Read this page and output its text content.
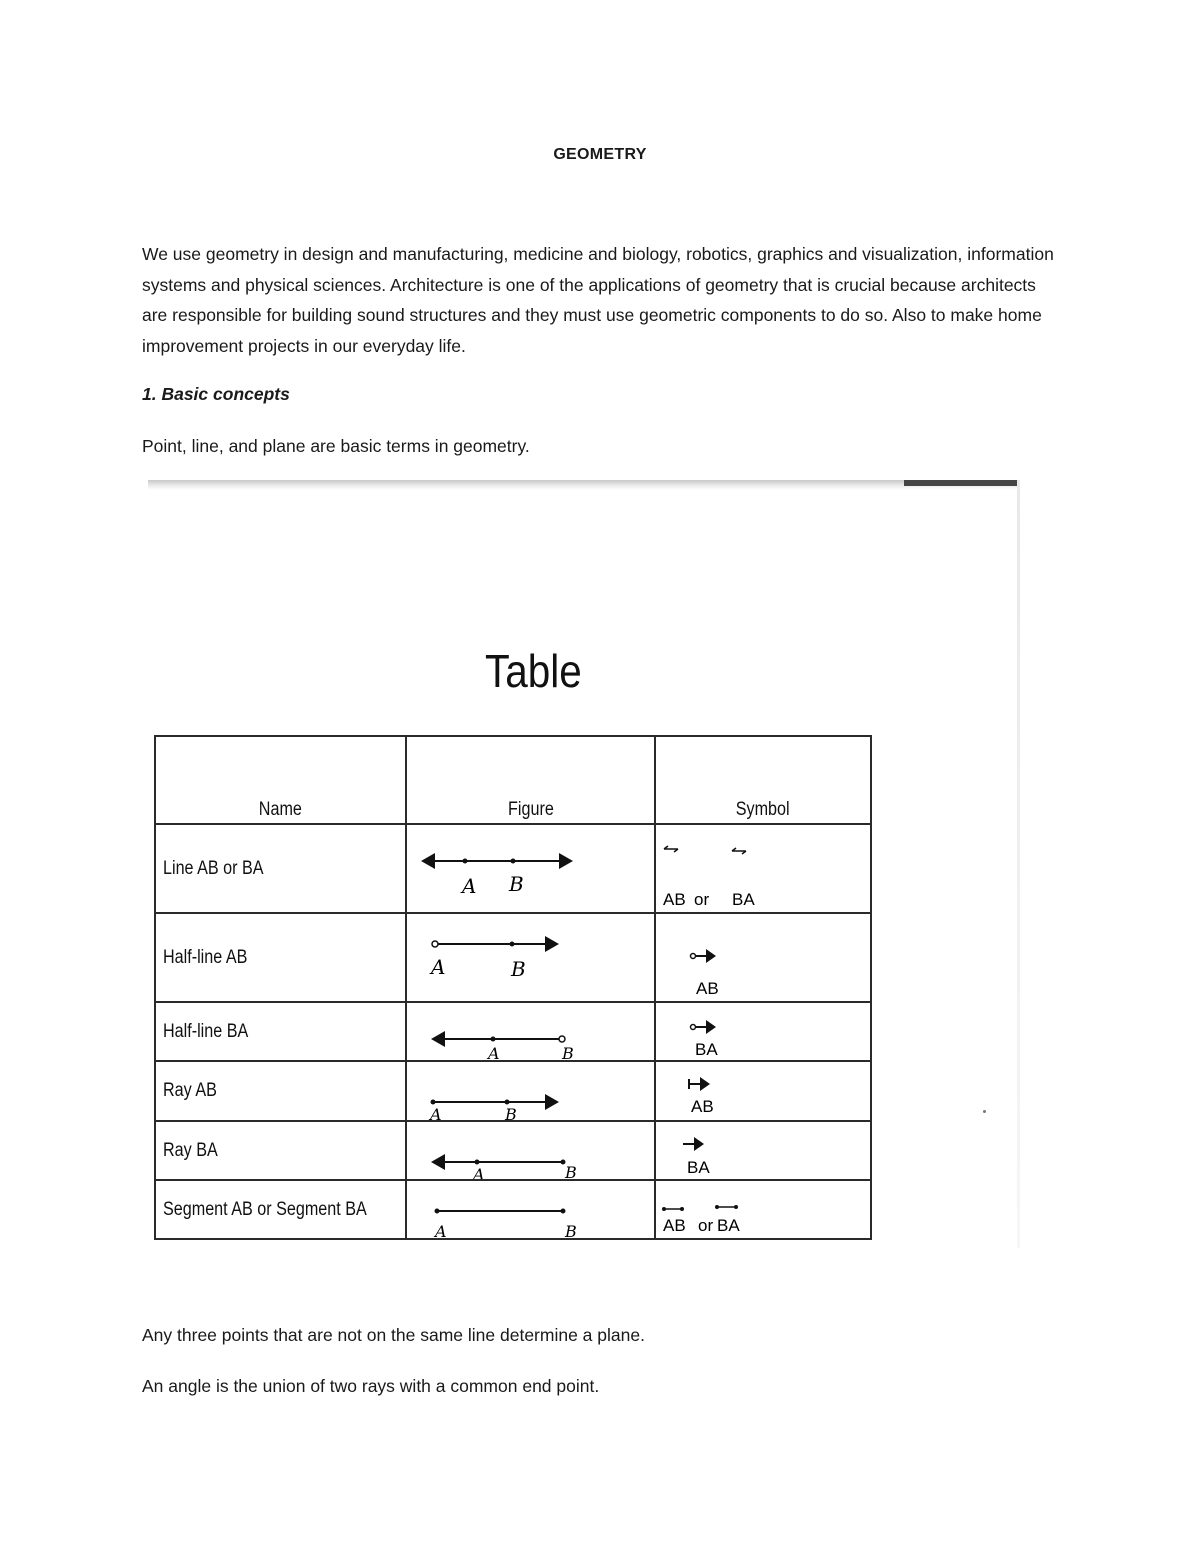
GEOMETRY

We use geometry in design and manufacturing, medicine and biology, robotics, graphics and visualization, information systems and physical sciences. Architecture is one of the applications of geometry that is crucial because architects are responsible for building sound structures and they must use geometric components to do so. Also to make home improvement projects in our everyday life.

1. Basic concepts

Point, line, and plane are basic terms in geometry.

Table
Name	Figure	Symbol
Line AB or BA	A B	AB or BA

Half-line AB	A B	AB

Half-line BA	A B	BA

Ray AB	A B	AB

Ray BA	A B	BA

Segment AB or Segment BA	A B	AB or BA

Any three points that are not on the same line determine a plane.

An angle is the union of two rays with a common end point.
